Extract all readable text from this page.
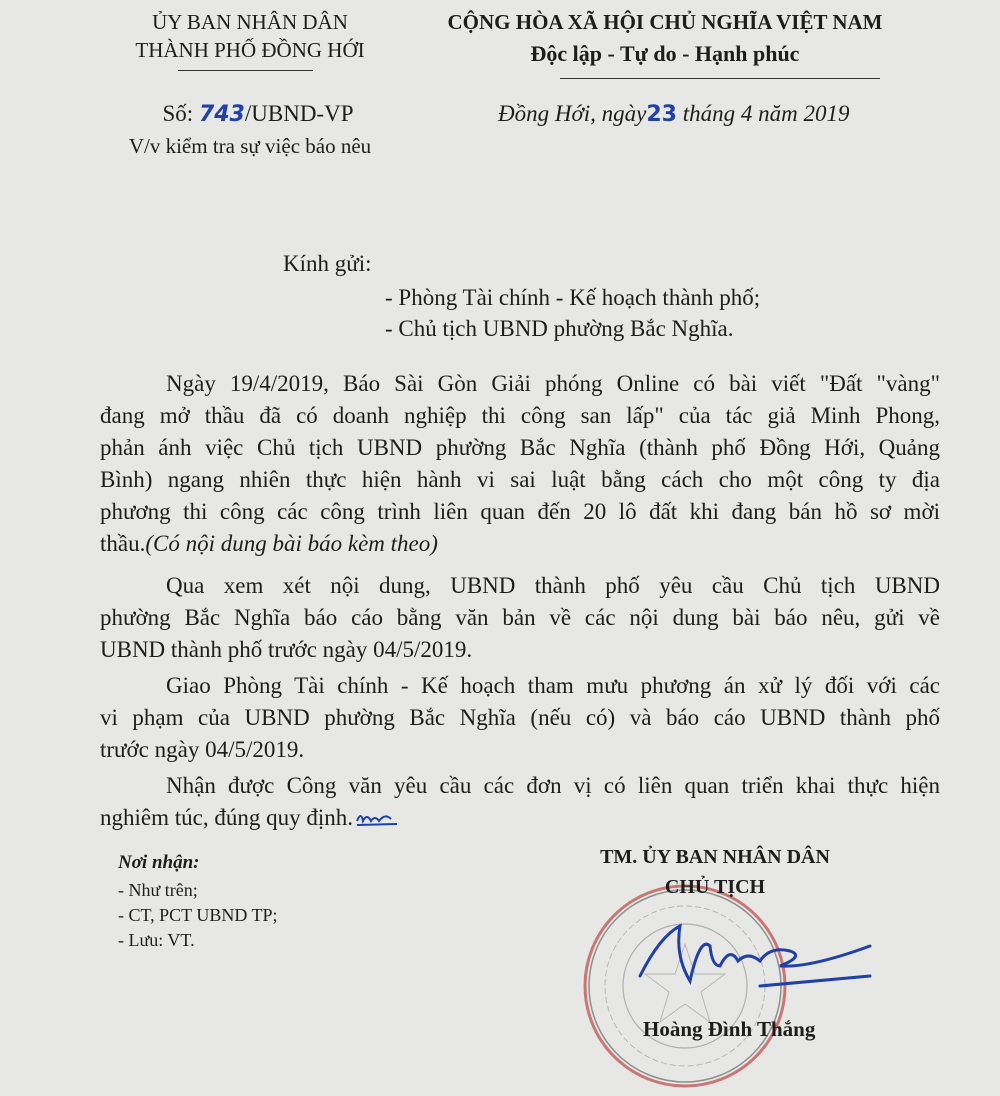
ỦY BAN NHÂN DÂN
THÀNH PHỐ ĐỒNG HỚI
Số: 743/UBND-VP
V/v kiểm tra sự việc báo nêu
CỘNG HÒA XÃ HỘI CHỦ NGHĨA VIỆT NAM
Độc lập - Tự do - Hạnh phúc
Đồng Hới, ngày23 tháng 4 năm 2019
Kính gửi:
- Phòng Tài chính - Kế hoạch thành phố;
- Chủ tịch UBND phường Bắc Nghĩa.
Ngày 19/4/2019, Báo Sài Gòn Giải phóng Online có bài viết "Đất "vàng"
đang mở thầu đã có doanh nghiệp thi công san lấp" của tác giả Minh Phong,
phản ánh việc Chủ tịch UBND phường Bắc Nghĩa (thành phố Đồng Hới, Quảng
Bình) ngang nhiên thực hiện hành vi sai luật bằng cách cho một công ty địa
phương thi công các công trình liên quan đến 20 lô đất khi đang bán hồ sơ mời
thầu.(Có nội dung bài báo kèm theo)
Qua xem xét nội dung, UBND thành phố yêu cầu Chủ tịch UBND
phường Bắc Nghĩa báo cáo bằng văn bản về các nội dung bài báo nêu, gửi về
UBND thành phố trước ngày 04/5/2019.
Giao Phòng Tài chính - Kế hoạch tham mưu phương án xử lý đối với các
vi phạm của UBND phường Bắc Nghĩa (nếu có) và báo cáo UBND thành phố
trước ngày 04/5/2019.
Nhận được Công văn yêu cầu các đơn vị có liên quan triển khai thực hiện
nghiêm túc, đúng quy định.
Nơi nhận:
- Như trên;
- CT, PCT UBND TP;
- Lưu: VT.
TM. ỦY BAN NHÂN DÂN
CHỦ TỊCH
Hoàng Đình Thắng
